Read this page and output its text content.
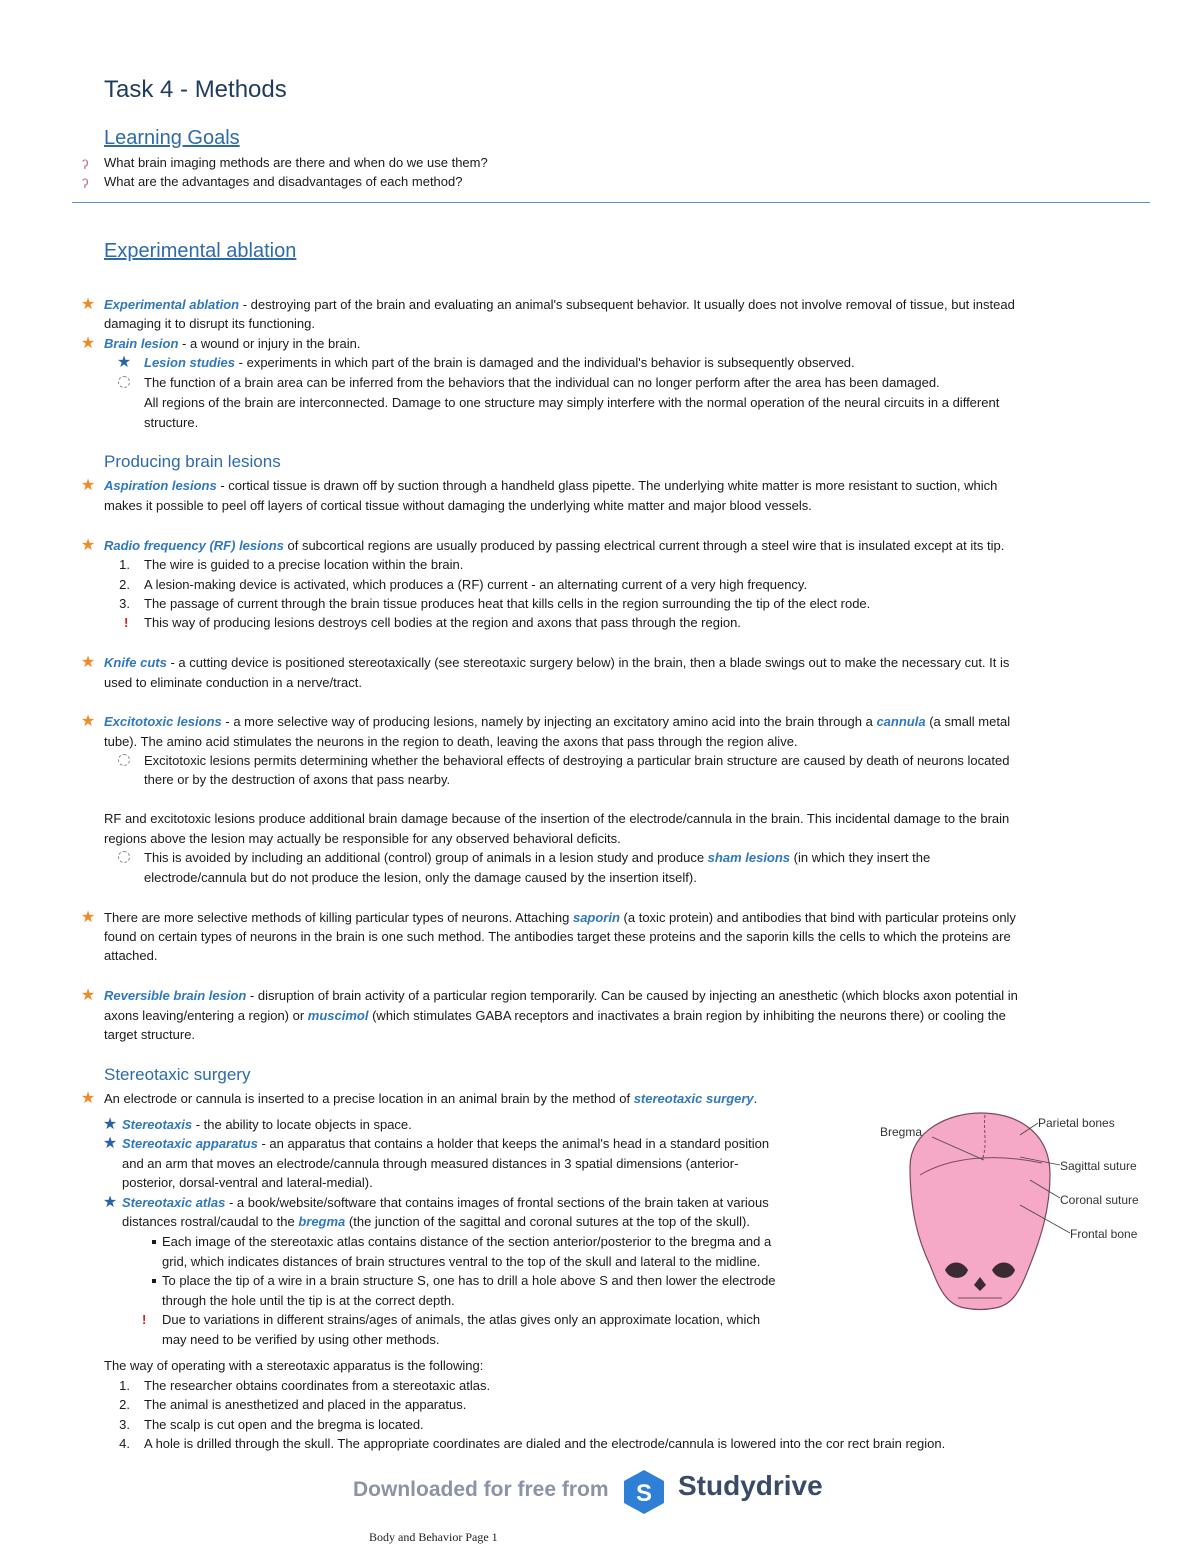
Task 4 - Methods
Learning Goals
ʔ What brain imaging methods are there and when do we use them?
ʔ What are the advantages and disadvantages of each method?
Experimental ablation
★ Experimental ablation - destroying part of the brain and evaluating an animal's subsequent behavior. It usually does not involve removal of tissue, but instead
damaging it to disrupt its functioning.
★ Brain lesion - a wound or injury in the brain.
★ Lesion studies - experiments in which part of the brain is damaged and the individual's behavior is subsequently observed.
The function of a brain area can be inferred from the behaviors that the individual can no longer perform after the area has been damaged.
All regions of the brain are interconnected. Damage to one structure may simply interfere with the normal operation of the neural circuits in a different
structure.
Producing brain lesions
★ Aspiration lesions - cortical tissue is drawn off by suction through a handheld glass pipette. The underlying white matter is more resistant to suction, which
makes it possible to peel off layers of cortical tissue without damaging the underlying white matter and major blood vessels.
★ Radio frequency (RF) lesions of subcortical regions are usually produced by passing electrical current through a steel wire that is insulated except at its tip.
1. The wire is guided to a precise location within the brain.
2. A lesion-making device is activated, which produces a (RF) current - an alternating current of a very high frequency.
3. The passage of current through the brain tissue produces heat that kills cells in the region surrounding the tip of the elect rode.
! This way of producing lesions destroys cell bodies at the region and axons that pass through the region.
★ Knife cuts - a cutting device is positioned stereotaxically (see stereotaxic surgery below) in the brain, then a blade swings out to make the necessary cut. It is
used to eliminate conduction in a nerve/tract.
★ Excitotoxic lesions - a more selective way of producing lesions, namely by injecting an excitatory amino acid into the brain through a cannula (a small metal
tube). The amino acid stimulates the neurons in the region to death, leaving the axons that pass through the region alive.
Excitotoxic lesions permits determining whether the behavioral effects of destroying a particular brain structure are caused by death of neurons located
there or by the destruction of axons that pass nearby.
RF and excitotoxic lesions produce additional brain damage because of the insertion of the electrode/cannula in the brain. This incidental damage to the brain
regions above the lesion may actually be responsible for any observed behavioral deficits.
This is avoided by including an additional (control) group of animals in a lesion study and produce sham lesions (in which they insert the
electrode/cannula but do not produce the lesion, only the damage caused by the insertion itself).
★ There are more selective methods of killing particular types of neurons. Attaching saporin (a toxic protein) and antibodies that bind with particular proteins only
found on certain types of neurons in the brain is one such method. The antibodies target these proteins and the saporin kills the cells to which the proteins are
attached.
★ Reversible brain lesion - disruption of brain activity of a particular region temporarily. Can be caused by injecting an anesthetic (which blocks axon potential in
axons leaving/entering a region) or muscimol (which stimulates GABA receptors and inactivates a brain region by inhibiting the neurons there) or cooling the
target structure.
Stereotaxic surgery
★ An electrode or cannula is inserted to a precise location in an animal brain by the method of stereotaxic surgery.
★ Stereotaxis - the ability to locate objects in space.
★ Stereotaxic apparatus - an apparatus that contains a holder that keeps the animal's head in a standard position
and an arm that moves an electrode/cannula through measured distances in 3 spatial dimensions (anterior-
posterior, dorsal-ventral and lateral-medial).
★ Stereotaxic atlas - a book/website/software that contains images of frontal sections of the brain taken at various
distances rostral/caudal to the bregma (the junction of the sagittal and coronal sutures at the top of the skull).
Each image of the stereotaxic atlas contains distance of the section anterior/posterior to the bregma and a
grid, which indicates distances of brain structures ventral to the top of the skull and lateral to the midline.
To place the tip of a wire in a brain structure S, one has to drill a hole above S and then lower the electrode
through the hole until the tip is at the correct depth.
! Due to variations in different strains/ages of animals, the atlas gives only an approximate location, which
may need to be verified by using other methods.
The way of operating with a stereotaxic apparatus is the following:
1. The researcher obtains coordinates from a stereotaxic atlas.
2. The animal is anesthetized and placed in the apparatus.
3. The scalp is cut open and the bregma is located.
4. A hole is drilled through the skull. The appropriate coordinates are dialed and the electrode/cannula is lowered into the cor rect brain region.
Bregma
Parietal bones
Sagittal suture
Coronal suture
Frontal bone
Downloaded for free from S Studydrive
Body and Behavior Page 1
